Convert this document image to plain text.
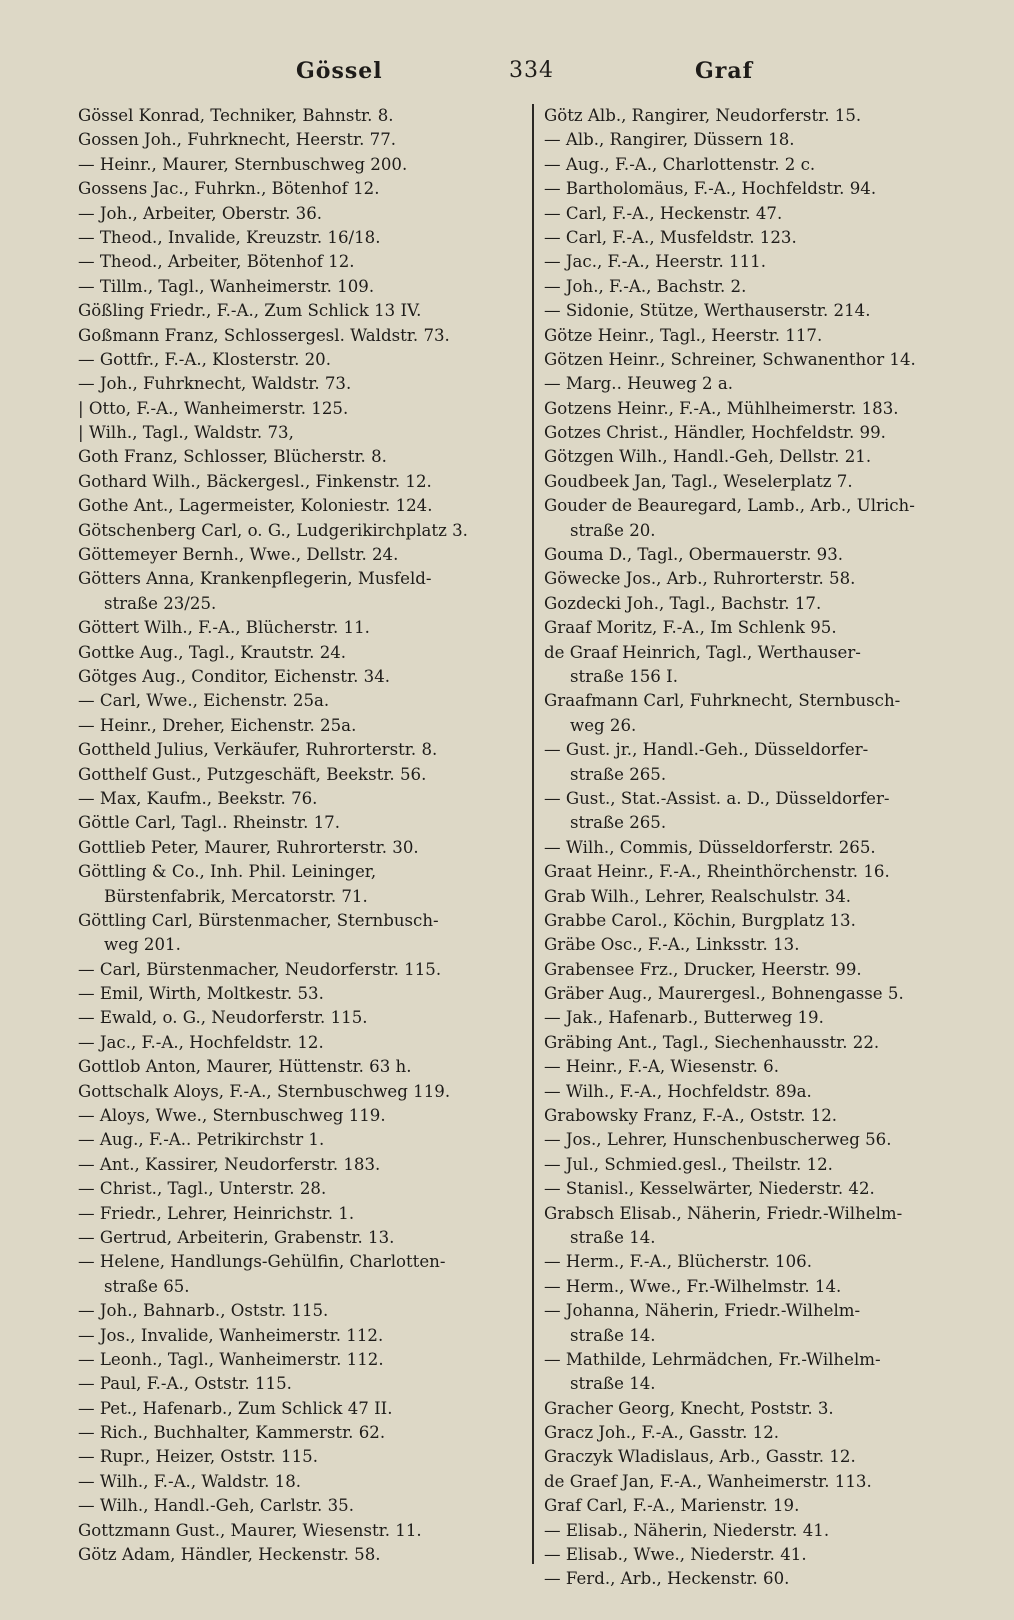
Gössel	334	Graf
Gössel Konrad, Techniker, Bahnstr. 8.
Gossen Joh., Fuhrknecht, Heerstr. 77.
— Heinr., Maurer, Sternbuschweg 200.
Gossens Jac., Fuhrkn., Bötenhof 12.
— Joh., Arbeiter, Oberstr. 36.
— Theod., Invalide, Kreuzstr. 16/18.
— Theod., Arbeiter, Bötenhof 12.
— Tillm., Tagl., Wanheimerstr. 109.
Gößling Friedr., F.-A., Zum Schlick 13 IV.
Goßmann Franz, Schlossergesl. Waldstr. 73.
— Gottfr., F.-A., Klosterstr. 20.
— Joh., Fuhrknecht, Waldstr. 73.
| Otto, F.-A., Wanheimerstr. 125.
| Wilh., Tagl., Waldstr. 73,
Goth Franz, Schlosser, Blücherstr. 8.
Gothard Wilh., Bäckergesl., Finkenstr. 12.
Gothe Ant., Lagermeister, Koloniestr. 124.
Götschenberg Carl, o. G., Ludgerikirchplatz 3.
Göttemeyer Bernh., Wwe., Dellstr. 24.
Götters Anna, Krankenpflegerin, Musfeld-
straße 23/25.
Göttert Wilh., F.-A., Blücherstr. 11.
Gottke Aug., Tagl., Krautstr. 24.
Götges Aug., Conditor, Eichenstr. 34.
— Carl, Wwe., Eichenstr. 25a.
— Heinr., Dreher, Eichenstr. 25a.
Gottheld Julius, Verkäufer, Ruhrorterstr. 8.
Gotthelf Gust., Putzgeschäft, Beekstr. 56.
— Max, Kaufm., Beekstr. 76.
Göttle Carl, Tagl.. Rheinstr. 17.
Gottlieb Peter, Maurer, Ruhrorterstr. 30.
Göttling & Co., Inh. Phil. Leininger,
Bürstenfabrik, Mercatorstr. 71.
Göttling Carl, Bürstenmacher, Sternbusch-
weg 201.
— Carl, Bürstenmacher, Neudorferstr. 115.
— Emil, Wirth, Moltkestr. 53.
— Ewald, o. G., Neudorferstr. 115.
— Jac., F.-A., Hochfeldstr. 12.
Gottlob Anton, Maurer, Hüttenstr. 63 h.
Gottschalk Aloys, F.-A., Sternbuschweg 119.
— Aloys, Wwe., Sternbuschweg 119.
— Aug., F.-A.. Petrikirchstr 1.
— Ant., Kassirer, Neudorferstr. 183.
— Christ., Tagl., Unterstr. 28.
— Friedr., Lehrer, Heinrichstr. 1.
— Gertrud, Arbeiterin, Grabenstr. 13.
— Helene, Handlungs-Gehülfin, Charlotten-
straße 65.
— Joh., Bahnarb., Oststr. 115.
— Jos., Invalide, Wanheimerstr. 112.
— Leonh., Tagl., Wanheimerstr. 112.
— Paul, F.-A., Oststr. 115.
— Pet., Hafenarb., Zum Schlick 47 II.
— Rich., Buchhalter, Kammerstr. 62.
— Rupr., Heizer, Oststr. 115.
— Wilh., F.-A., Waldstr. 18.
— Wilh., Handl.-Geh, Carlstr. 35.
Gottzmann Gust., Maurer, Wiesenstr. 11.
Götz Adam, Händler, Heckenstr. 58.
Götz Alb., Rangirer, Neudorferstr. 15.
— Alb., Rangirer, Düssern 18.
— Aug., F.-A., Charlottenstr. 2 c.
— Bartholomäus, F.-A., Hochfeldstr. 94.
— Carl, F.-A., Heckenstr. 47.
— Carl, F.-A., Musfeldstr. 123.
— Jac., F.-A., Heerstr. 111.
— Joh., F.-A., Bachstr. 2.
— Sidonie, Stütze, Werthauserstr. 214.
Götze Heinr., Tagl., Heerstr. 117.
Götzen Heinr., Schreiner, Schwanenthor 14.
— Marg.. Heuweg 2 a.
Gotzens Heinr., F.-A., Mühlheimerstr. 183.
Gotzes Christ., Händler, Hochfeldstr. 99.
Götzgen Wilh., Handl.-Geh, Dellstr. 21.
Goudbeek Jan, Tagl., Weselerplatz 7.
Gouder de Beauregard, Lamb., Arb., Ulrich-
straße 20.
Gouma D., Tagl., Obermauerstr. 93.
Göwecke Jos., Arb., Ruhrorterstr. 58.
Gozdecki Joh., Tagl., Bachstr. 17.
Graaf Moritz, F.-A., Im Schlenk 95.
de Graaf Heinrich, Tagl., Werthauser-
straße 156 I.
Graafmann Carl, Fuhrknecht, Sternbusch-
weg 26.
— Gust. jr., Handl.-Geh., Düsseldorfer-
straße 265.
— Gust., Stat.-Assist. a. D., Düsseldorfer-
straße 265.
— Wilh., Commis, Düsseldorferstr. 265.
Graat Heinr., F.-A., Rheinthörchenstr. 16.
Grab Wilh., Lehrer, Realschulstr. 34.
Grabbe Carol., Köchin, Burgplatz 13.
Gräbe Osc., F.-A., Linksstr. 13.
Grabensee Frz., Drucker, Heerstr. 99.
Gräber Aug., Maurergesl., Bohnengasse 5.
— Jak., Hafenarb., Butterweg 19.
Gräbing Ant., Tagl., Siechenhausstr. 22.
— Heinr., F.-A, Wiesenstr. 6.
— Wilh., F.-A., Hochfeldstr. 89a.
Grabowsky Franz, F.-A., Oststr. 12.
— Jos., Lehrer, Hunschenbuscherweg 56.
— Jul., Schmied.gesl., Theilstr. 12.
— Stanisl., Kesselwärter, Niederstr. 42.
Grabsch Elisab., Näherin, Friedr.-Wilhelm-
straße 14.
— Herm., F.-A., Blücherstr. 106.
— Herm., Wwe., Fr.-Wilhelmstr. 14.
— Johanna, Näherin, Friedr.-Wilhelm-
straße 14.
— Mathilde, Lehrmädchen, Fr.-Wilhelm-
straße 14.
Gracher Georg, Knecht, Poststr. 3.
Gracz Joh., F.-A., Gasstr. 12.
Graczyk Wladislaus, Arb., Gasstr. 12.
de Graef Jan, F.-A., Wanheimerstr. 113.
Graf Carl, F.-A., Marienstr. 19.
— Elisab., Näherin, Niederstr. 41.
— Elisab., Wwe., Niederstr. 41.
— Ferd., Arb., Heckenstr. 60.
